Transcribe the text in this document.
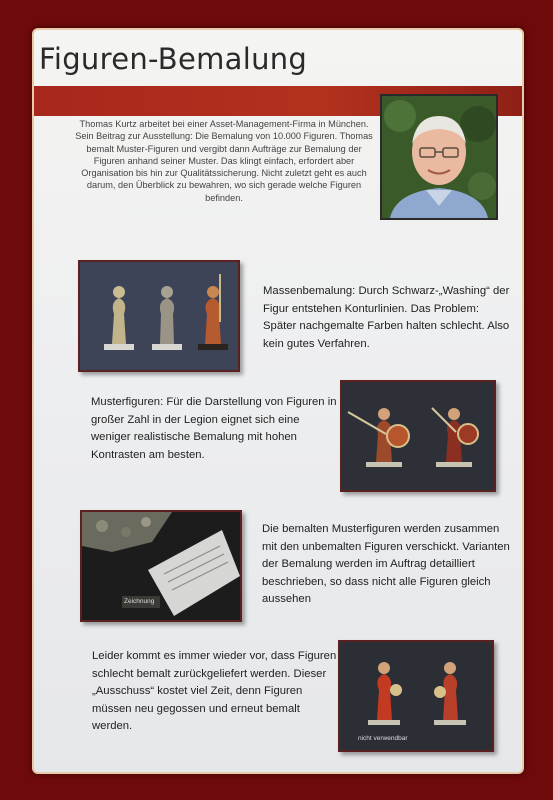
Figuren-Bemalung
Thomas Kurtz arbeitet bei einer Asset-Management-Firma in München. Sein Beitrag zur Ausstellung: Die Bemalung von 10.000 Figuren. Thomas bemalt Muster-Figuren und vergibt dann Aufträge zur Bemalung der Figuren anhand seiner Muster. Das klingt einfach, erfordert aber Organisation bis hin zur Qualitätssicherung. Nicht zuletzt geht es auch darum, den Überblick zu bewahren, wo sich gerade welche Figuren befinden.
Massenbemalung: Durch Schwarz-„Washing“ der Figur entstehen Konturlinien. Das Problem: Später nachgemalte Farben halten schlecht. Also kein gutes Verfahren.
Musterfiguren: Für die Darstellung von Figuren in großer Zahl in der Legion eignet sich eine weniger realistische Bemalung mit hohen Kontrasten am besten.
Zeichnung
Die bemalten Musterfiguren werden zusammen mit den unbemalten Figuren verschickt. Varianten der Bemalung werden im Auftrag detailliert beschrieben, so dass nicht alle Figuren gleich aussehen
Leider kommt es immer wieder vor, dass Figuren schlecht bemalt zurückgeliefert werden. Dieser „Ausschuss“ kostet viel Zeit, denn Figuren müssen neu gegossen und erneut bemalt werden.
nicht verwendbar
